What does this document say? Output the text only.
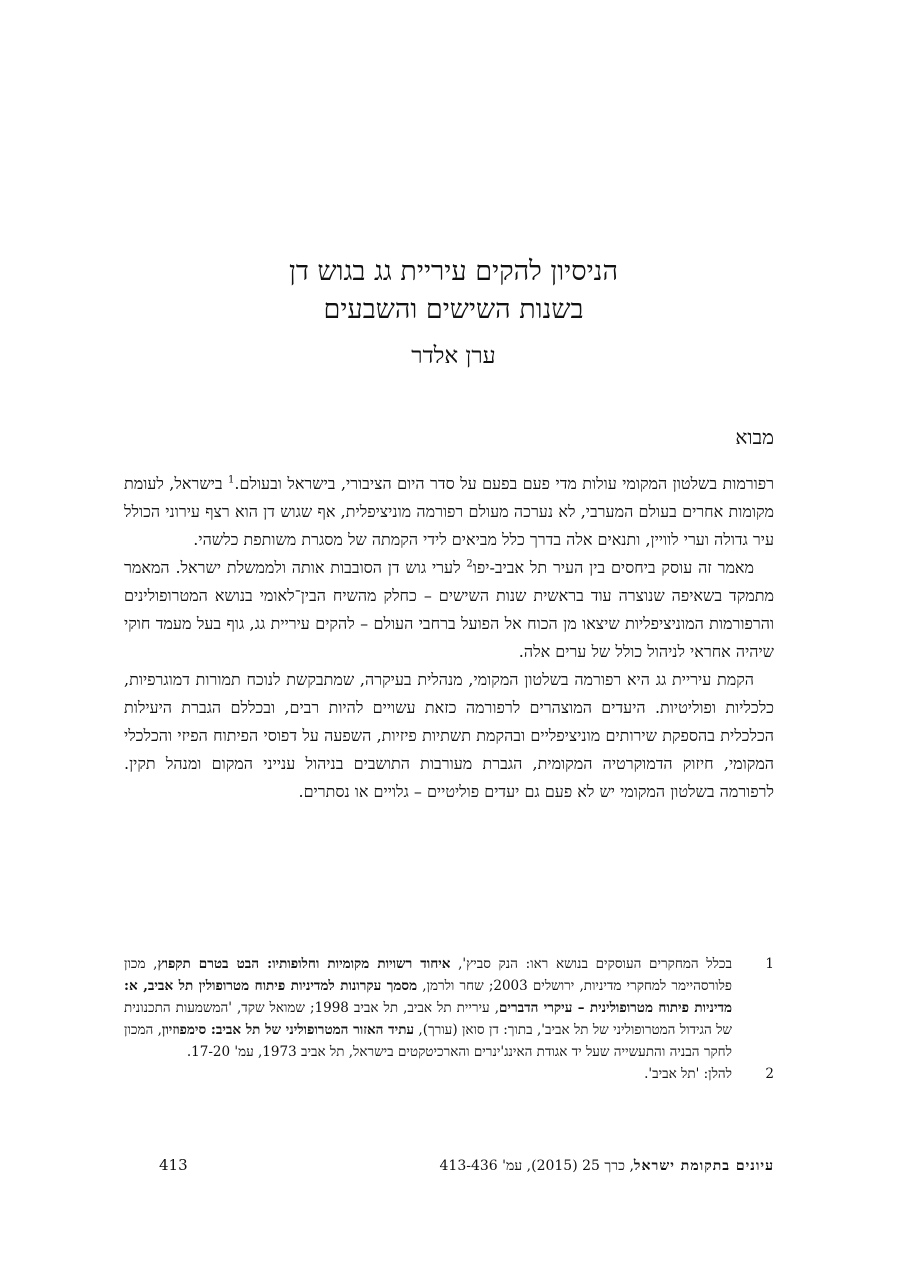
הניסיון להקים עיריית גג בגוש דן
בשנות השישים והשבעים
ערן אלדר
מבוא

רפורמות בשלטון המקומי עולות מדי פעם בפעם על סדר היום הציבורי, בישראל ובעולם.$^1$ בישראל, לעומת מקומות אחרים בעולם המערבי, לא נערכה מעולם רפורמה מוניציפלית, אף שגוש דן הוא רצף עירוני הכולל עיר גדולה וערי לוויין, ותנאים אלה בדרך כלל מביאים לידי הקמתה של מסגרת משותפת כלשהי.

מאמר זה עוסק ביחסים בין העיר תל אביב-יפו$^2$ לערי גוש דן הסובבות אותה ולממשלת ישראל. המאמר מתמקד בשאיפה שנוצרה עוד בראשית שנות השישים – כחלק מהשיח הבין־לאומי בנושא המטרופולינים והרפורמות המוניציפליות שיצאו מן הכוח אל הפועל ברחבי העולם – להקים עיריית גג, גוף בעל מעמד חוקי שיהיה אחראי לניהול כולל של ערים אלה.

הקמת עיריית גג היא רפורמה בשלטון המקומי, מנהלית בעיקרה, שמתבקשת לנוכח תמורות דמוגרפיות, כלכליות ופוליטיות. היעדים המוצהרים לרפורמה כזאת עשויים להיות רבים, ובכללם הגברת היעילות הכלכלית בהספקת שירותים מוניציפליים ובהקמת תשתיות פיזיות, השפעה על דפוסי הפיתוח הפיזי והכלכלי המקומי, חיזוק הדמוקרטיה המקומית, הגברת מעורבות התושבים בניהול ענייני המקום ומנהל תקין. לרפורמה בשלטון המקומי יש לא פעם גם יעדים פוליטיים – גלויים או נסתרים.

1
בכלל המחקרים העוסקים בנושא ראו: הנק סביץ', איחוד רשויות מקומיות וחלופותיו: הבט בטרם תקפוץ, מכון פלורסהיימר למחקרי מדיניות, ירושלים 2003; שחר ולרמן, מסמך עקרונות למדיניות פיתוח מטרופולין תל אביב, א: מדיניות פיתוח מטרופולינית – עיקרי הדברים, עיריית תל אביב, תל אביב 1998; שמואל שקד, 'המשמעות התכנונית של הגידול המטרופוליני של תל אביב', בתוך: דן סואן (עורך), עתיד האזור המטרופוליני של תל אביב: סימפוזיון, המכון לחקר הבניה והתעשייה שעל יד אגודת האינג'ינרים והארכיטקטים בישראל, תל אביב 1973, עמ' 17-20.
2
להלן: 'תל אביב'.
עיונים בתקומת ישראל, כרך 25 (2015), עמ' 413-436
413
